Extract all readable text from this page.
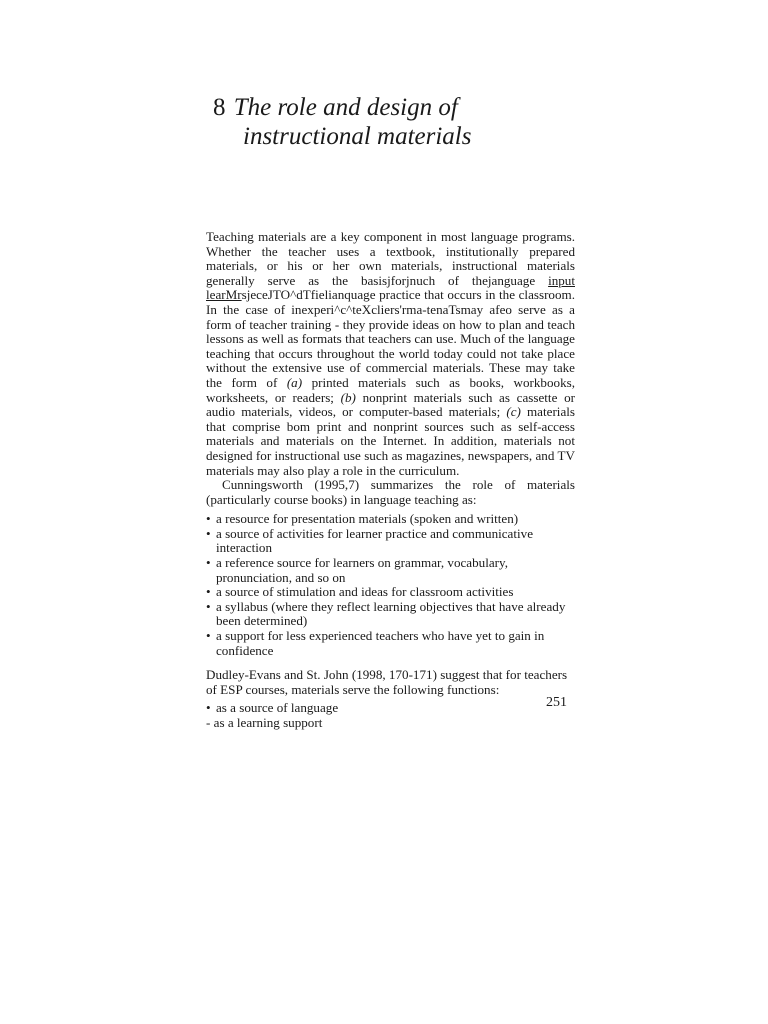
8 The role and design of
instructional materials

Teaching materials are a key component in most language programs. Whether the teacher uses a textbook, institutionally prepared materials, or his or her own materials, instructional materials generally serve as the basisjforjnuch of thejanguage input learMrsjeceJTO^dTfielianquage practice that occurs in the classroom. In the case of inexperi^c^teXcliers'rma-tenaTsmay afeo serve as a form of teacher training - they provide ideas on how to plan and teach lessons as well as formats that teachers can use. Much of the language teaching that occurs throughout the world today could not take place without the extensive use of commercial materials. These may take the form of (a) printed materials such as books, workbooks, worksheets, or readers; (b) nonprint materials such as cassette or audio materials, videos, or computer-based materials; (c) materials that comprise bom print and nonprint sources such as self-access materials and materials on the Internet. In addition, materials not designed for instructional use such as magazines, newspapers, and TV materials may also play a role in the curriculum.

Cunningsworth (1995,7) summarizes the role of materials (particularly course books) in language teaching as:

• a resource for presentation materials (spoken and written)
• a source of activities for learner practice and communicative interaction
• a reference source for learners on grammar, vocabulary, pronunciation, and so on
• a source of stimulation and ideas for classroom activities
• a syllabus (where they reflect learning objectives that have already been determined)
• a support for less experienced teachers who have yet to gain in confidence

Dudley-Evans and St. John (1998, 170-171) suggest that for teachers of ESP courses, materials serve the following functions:

• as a source of language
- as a learning support
251
